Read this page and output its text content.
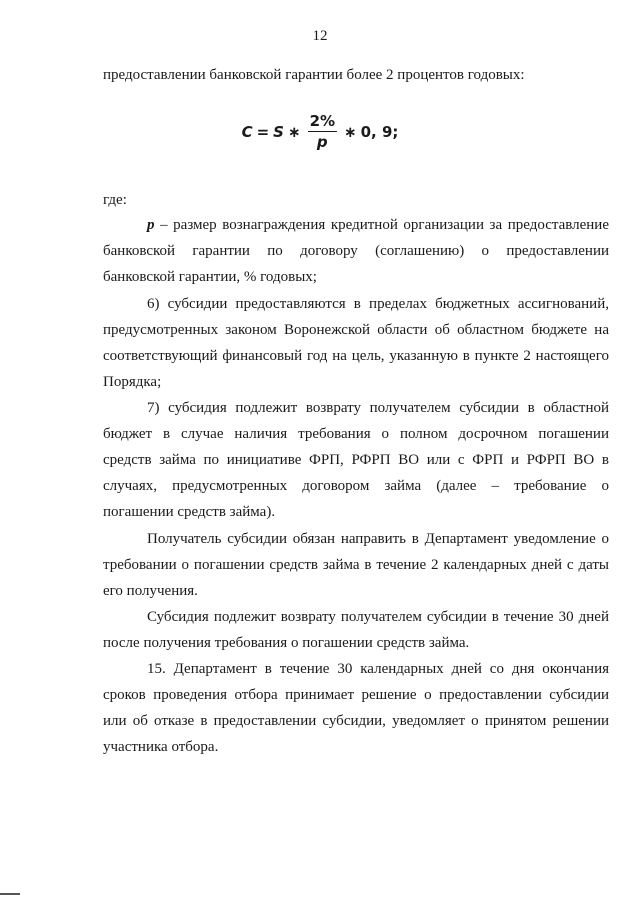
12
предоставлении банковской гарантии более 2 процентов годовых:
C = S ∗ $\frac{2\%}{p}$ ∗ 0, 9 ;
где:
p – размер вознаграждения кредитной организации за предоставление
банковской гарантии по договору (соглашению) о предоставлении
банковской гарантии, % годовых;
6) субсидии предоставляются в пределах бюджетных ассигнований,
предусмотренных законом Воронежской области об областном бюджете на
соответствующий финансовый год на цель, указанную в пункте 2 настоящего
Порядка;
7) субсидия подлежит возврату получателем субсидии в областной
бюджет в случае наличия требования о полном досрочном погашении
средств займа по инициативе ФРП, РФРП ВО или с ФРП и РФРП ВО в
случаях, предусмотренных договором займа (далее – требование о
погашении средств займа).
Получатель субсидии обязан направить в Департамент уведомление о
требовании о погашении средств займа в течение 2 календарных дней с даты
его получения.
Субсидия подлежит возврату получателем субсидии в течение 30 дней
после получения требования о погашении средств займа.
15. Департамент в течение 30 календарных дней со дня окончания
сроков проведения отбора принимает решение о предоставлении субсидии
или об отказе в предоставлении субсидии, уведомляет о принятом решении
участника отбора.
